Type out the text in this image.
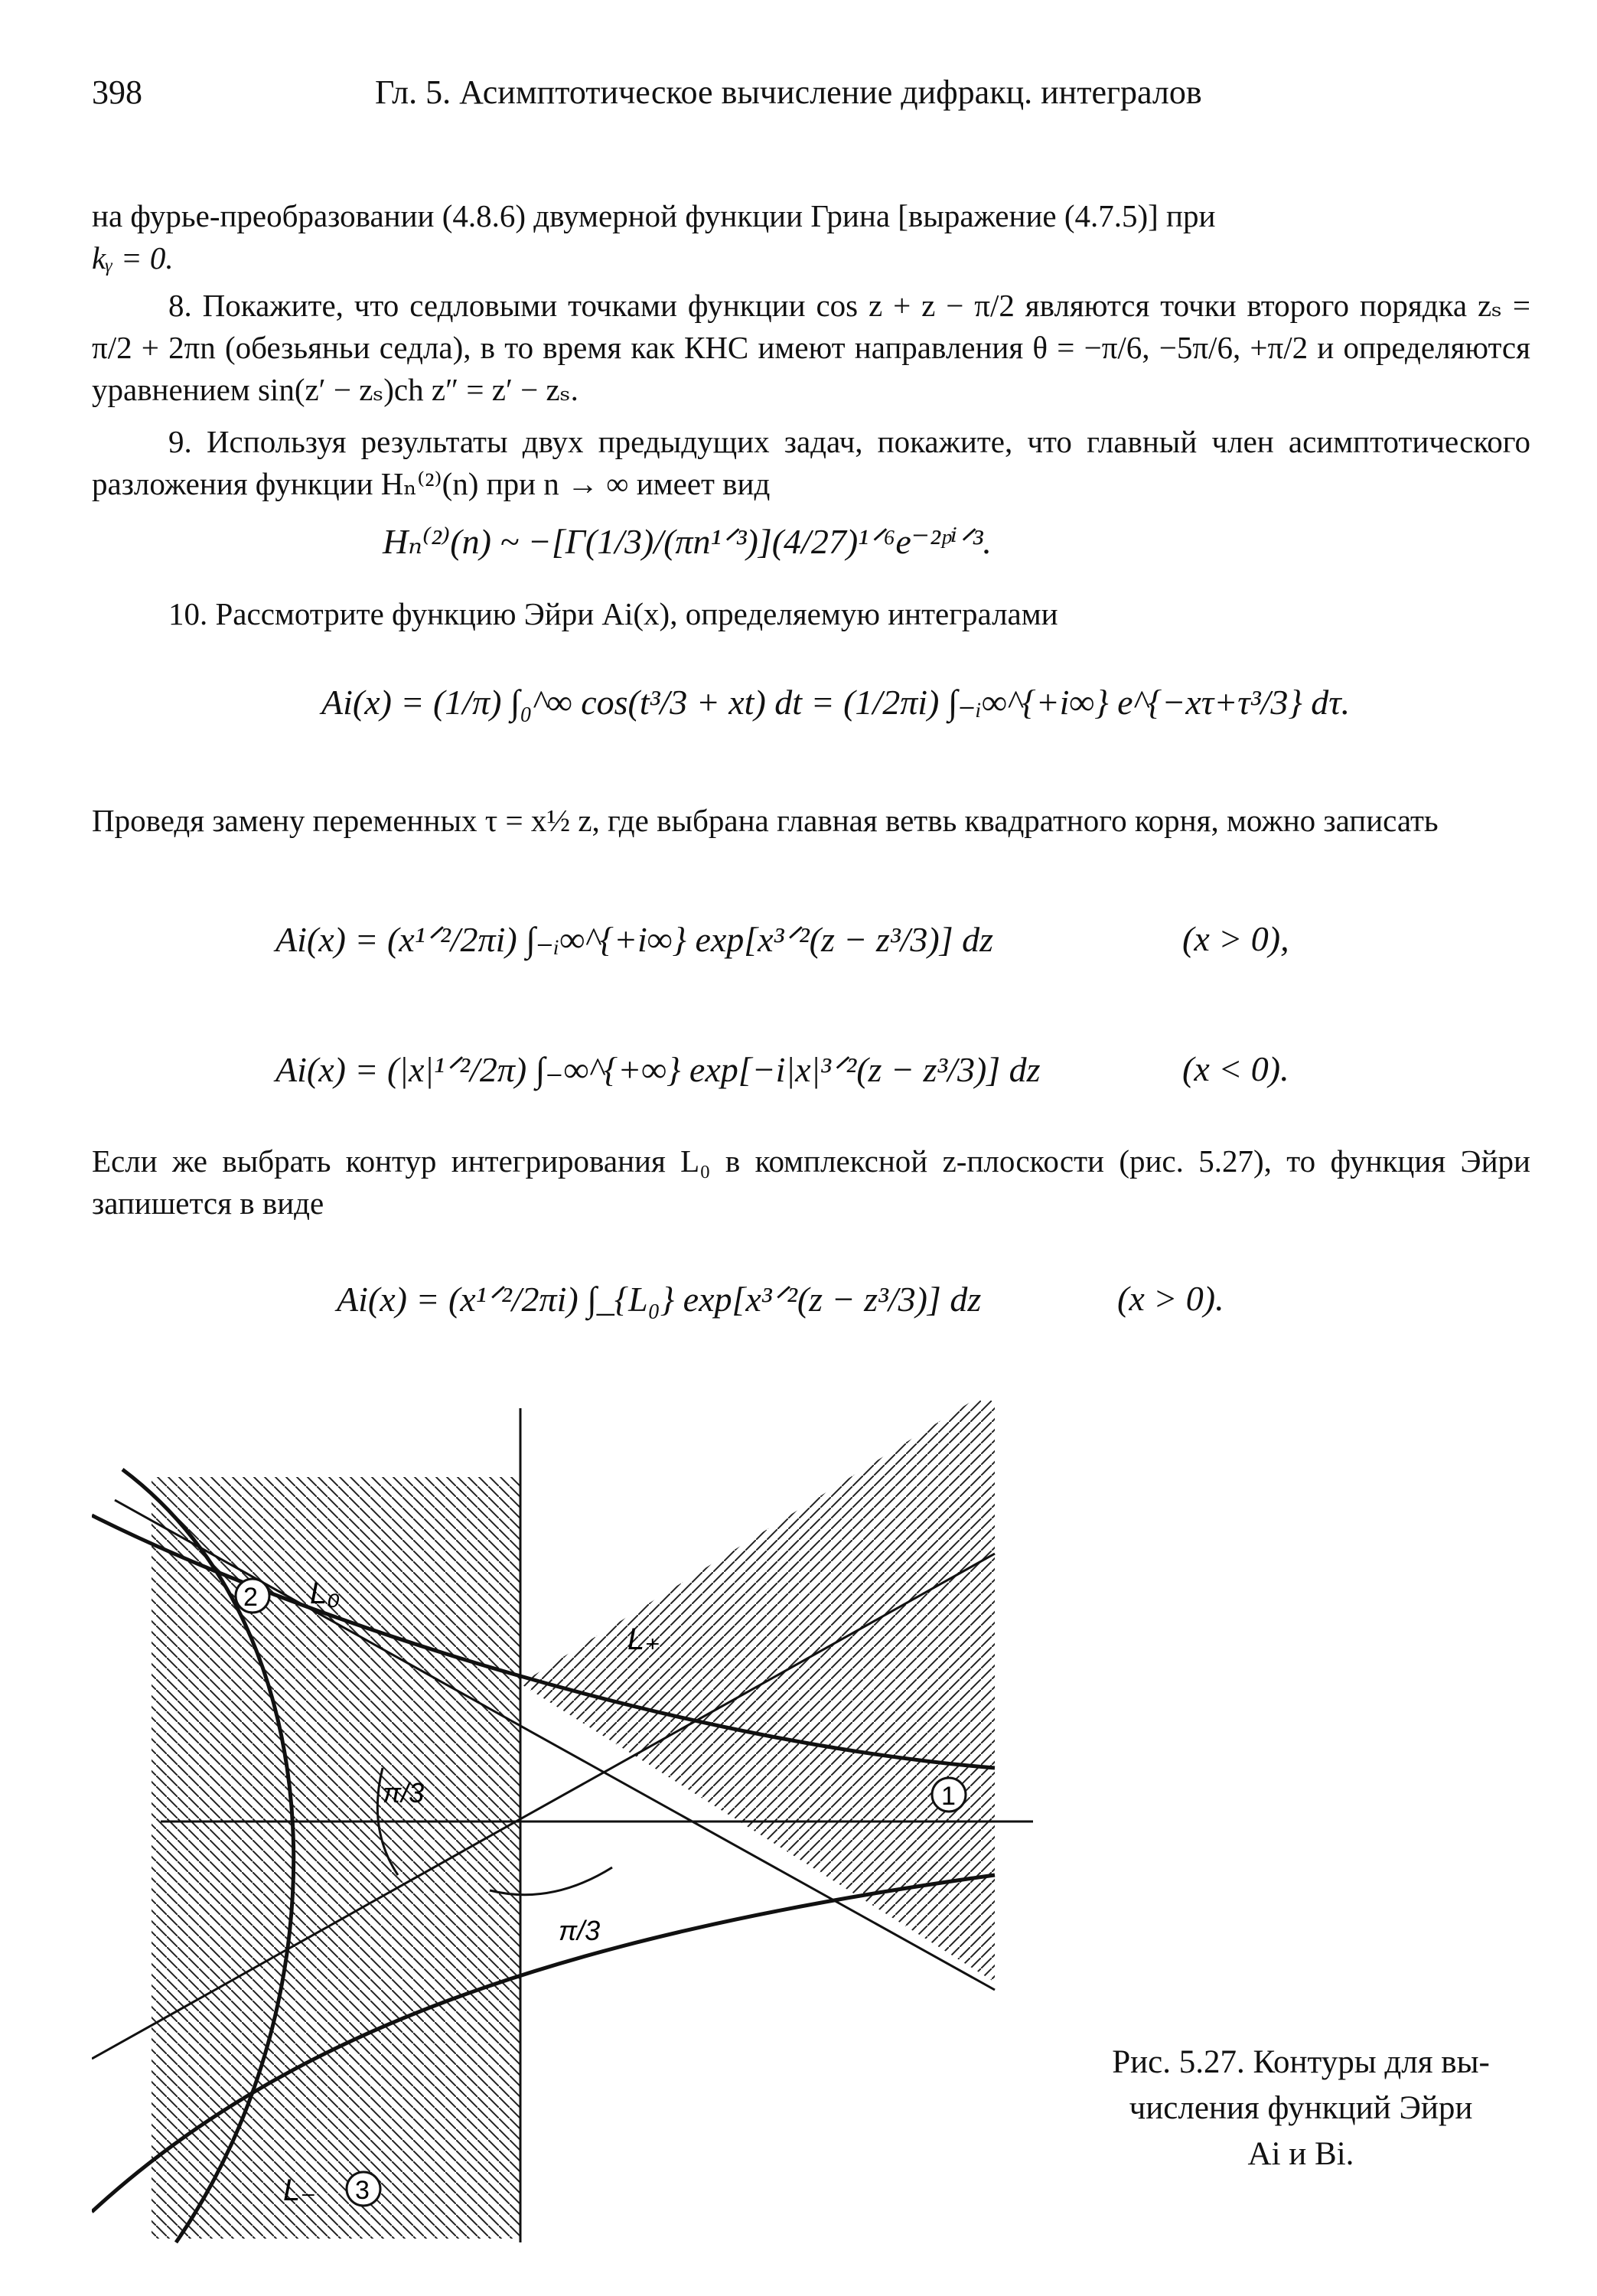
398	Гл. 5. Асимптотическое вычисление дифракц. интегралов
на фурье-преобразовании (4.8.6) двумерной функции Грина [выражение (4.7.5)] при
kᵧ = 0.
8. Покажите, что седловыми точками функции cos z + z − π/2 являются точки второго порядка zₛ = π/2 + 2πn (обезьяньи седла), в то время как КНС имеют направления θ = −π/6, −5π/6, +π/2 и определяются уравнением sin(z′ − zₛ)ch z″ = z′ − zₛ.
9. Используя результаты двух предыдущих задач, покажите, что главный член асимптотического разложения функции Hₙ⁽²⁾(n) при n → ∞ имеет вид
Hₙ⁽²⁾(n) ~ −[Γ(1/3)/(πn¹ᐟ³)](4/27)¹ᐟ⁶e⁻²ᵖⁱᐟ³.
10. Рассмотрите функцию Эйри Ai(x), определяемую интегралами
Ai(x) = (1/π) ∫₀^∞ cos(t³/3 + xt) dt = (1/2πi) ∫₋ᵢ∞^{+i∞} e^{−xτ+τ³/3} dτ.
Проведя замену переменных τ = x½ z, где выбрана главная ветвь квадратного корня, можно записать
Ai(x) = (x¹ᐟ²/2πi) ∫₋ᵢ∞^{+i∞} exp[x³ᐟ²(z − z³/3)] dz	(x > 0),
Ai(x) = (|x|¹ᐟ²/2π) ∫₋∞^{+∞} exp[−i|x|³ᐟ²(z − z³/3)] dz	(x < 0).
Если же выбрать контур интегрирования L₀ в комплексной z-плоскости (рис. 5.27), то функция Эйри запишется в виде
Ai(x) = (x¹ᐟ²/2πi) ∫_{L₀} exp[x³ᐟ²(z − z³/3)] dz	(x > 0).
L₀
L₊
L₋
π/3
π/3
2
1
3
Рис. 5.27. Контуры для вы-
числения функций Эйри
Ai и Bi.
